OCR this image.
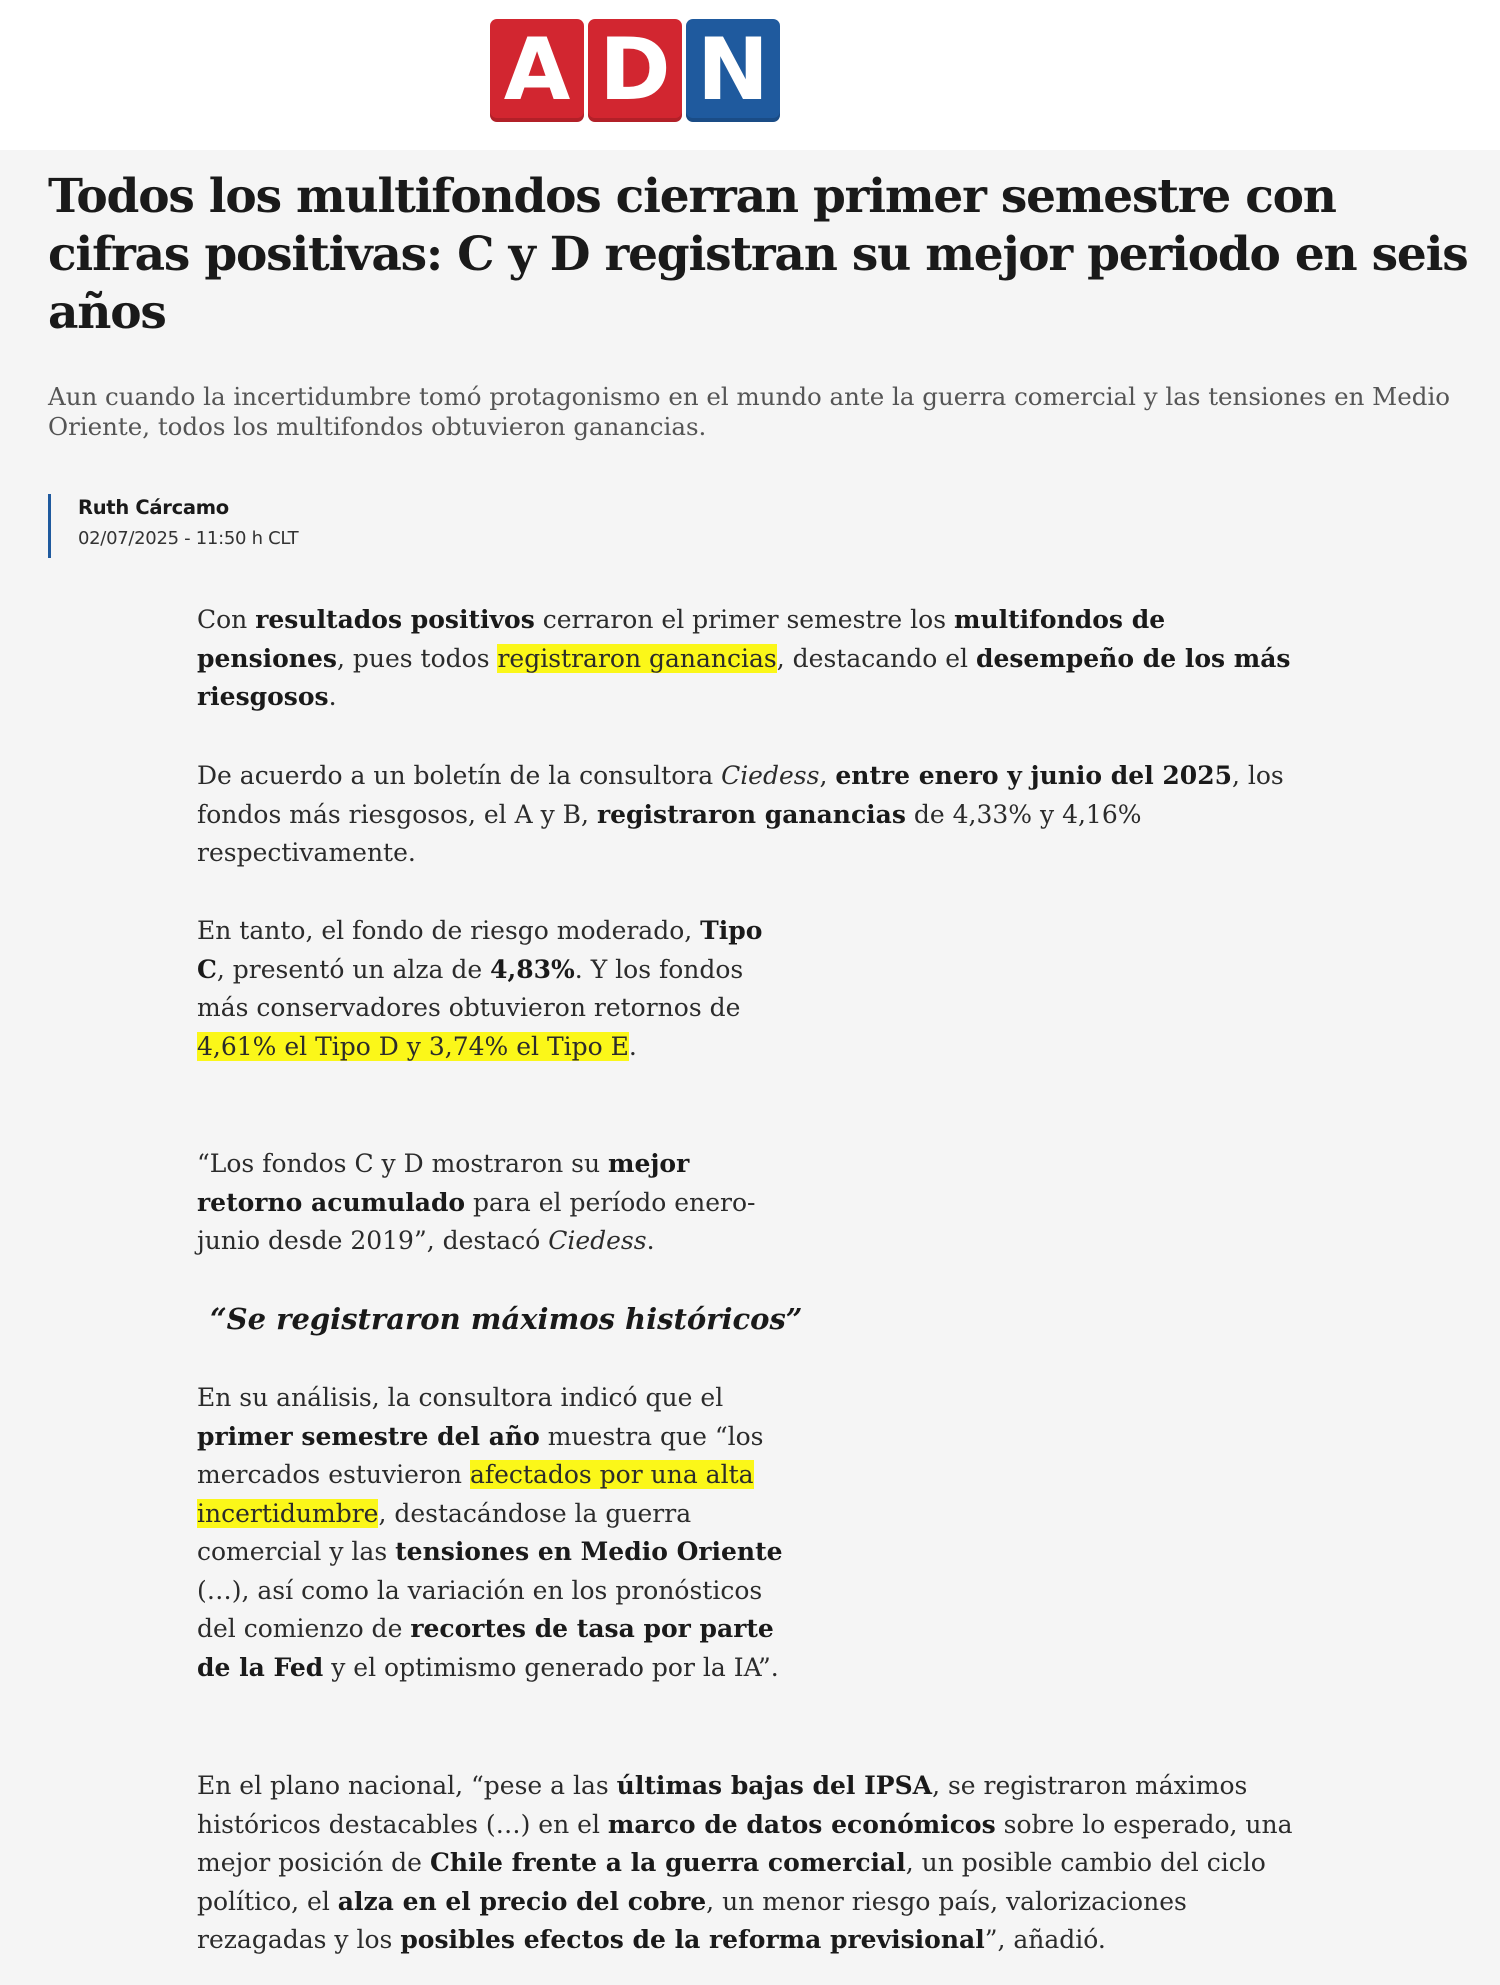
A D N
Todos los multifondos cierran primer semestre con cifras positivas: C y D registran su mejor periodo en seis años

Aun cuando la incertidumbre tomó protagonismo en el mundo ante la guerra comercial y las tensiones en Medio Oriente, todos los multifondos obtuvieron ganancias.

Ruth Cárcamo
02/07/2025 - 11:50 h CLT

Con resultados positivos cerraron el primer semestre los multifondos de pensiones, pues todos registraron ganancias, destacando el desempeño de los más riesgosos.

De acuerdo a un boletín de la consultora Ciedess, entre enero y junio del 2025, los fondos más riesgosos, el A y B, registraron ganancias de 4,33% y 4,16% respectivamente.

En tanto, el fondo de riesgo moderado, Tipo C, presentó un alza de 4,83%. Y los fondos más conservadores obtuvieron retornos de 4,61% el Tipo D y 3,74% el Tipo E.

“Los fondos C y D mostraron su mejor retorno acumulado para el período enero-junio desde 2019”, destacó Ciedess.

“Se registraron máximos históricos”

En su análisis, la consultora indicó que el primer semestre del año muestra que “los mercados estuvieron afectados por una alta incertidumbre, destacándose la guerra comercial y las tensiones en Medio Oriente (…), así como la variación en los pronósticos del comienzo de recortes de tasa por parte de la Fed y el optimismo generado por la IA”.

En el plano nacional, “pese a las últimas bajas del IPSA, se registraron máximos históricos destacables (…) en el marco de datos económicos sobre lo esperado, una mejor posición de Chile frente a la guerra comercial, un posible cambio del ciclo político, el alza en el precio del cobre, un menor riesgo país, valorizaciones rezagadas y los posibles efectos de la reforma previsional”, añadió.
